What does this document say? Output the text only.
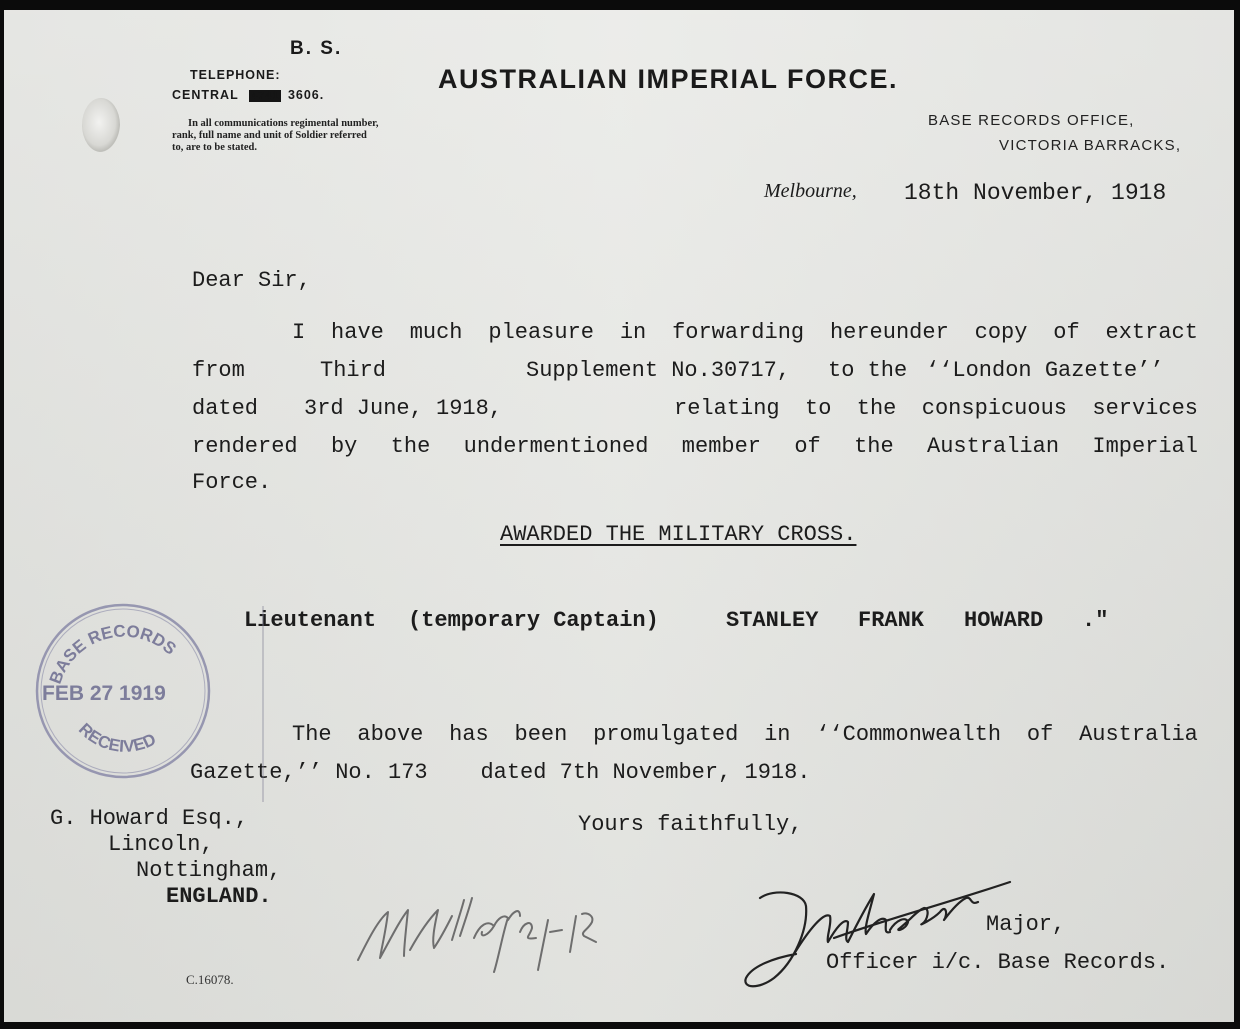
B. S.
TELEPHONE:
CENTRAL 4741 3606.
In all communications regimental number,
rank, full name and unit of Soldier referred
to, are to be stated.
AUSTRALIAN IMPERIAL FORCE.
BASE RECORDS OFFICE,
VICTORIA BARRACKS,
Melbourne, 18th November, 1918
Dear Sir,
I have much pleasure in forwarding hereunder copy of extract
from	Third	Supplement No.30717, to the ‘‘London Gazette’’
dated 3rd June, 1918,	relating to the conspicuous services
rendered by the undermentioned member of the Australian Imperial
Force.
AWARDED THE MILITARY CROSS.
Lieutenant (temporary Captain)	STANLEY FRANK HOWARD ."
The above has been promulgated in ‘‘Commonwealth of Australia
Gazette,’’ No. 173    dated 7th November, 1918.
G. Howard Esq.,
Lincoln,
Nottingham,
ENGLAND.
Yours faithfully,
Major,
Officer i/c. Base Records.
C.16078.
BASE RECORDS
FEB 27 1919
RECEIVED
